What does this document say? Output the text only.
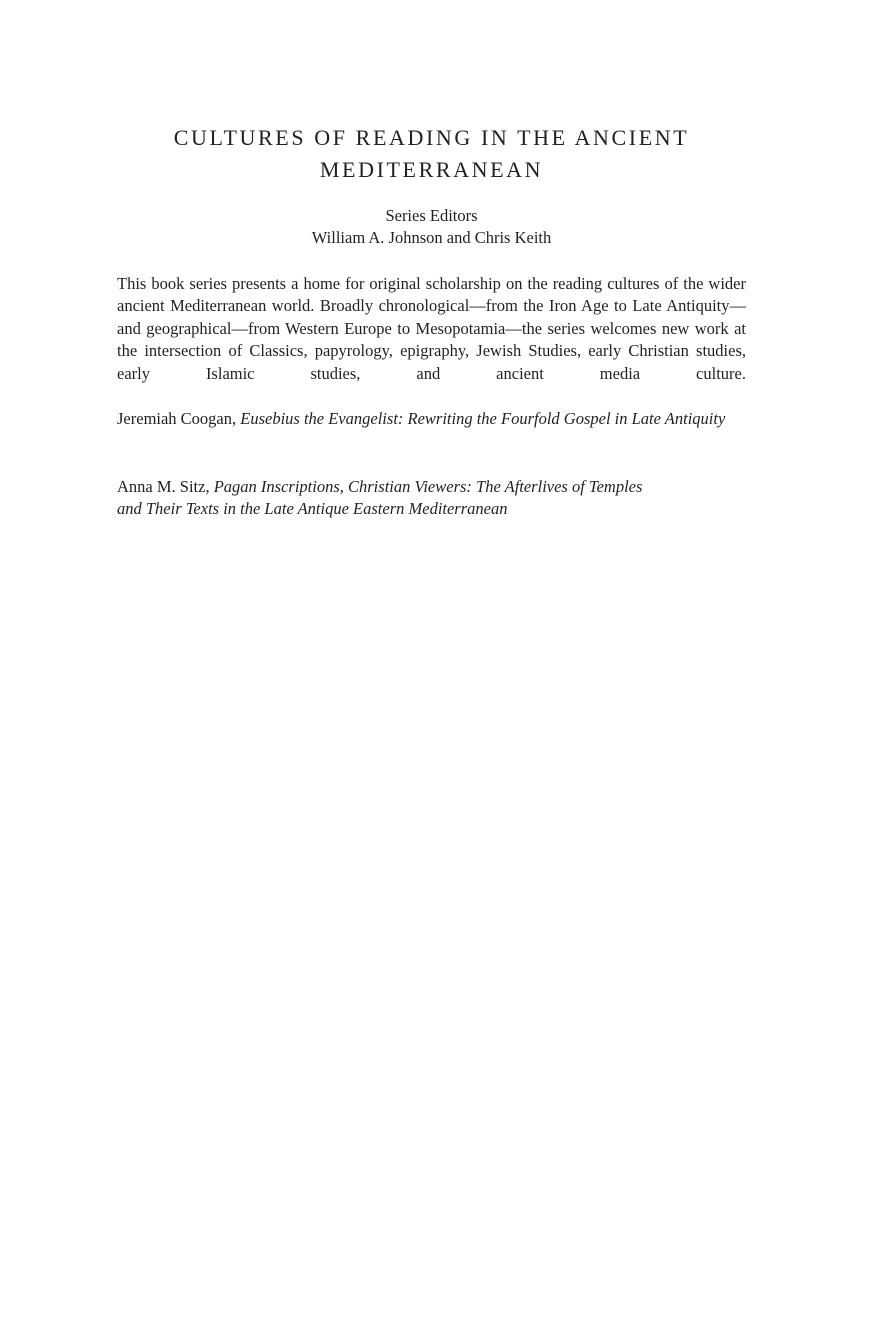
CULTURES OF READING IN THE ANCIENT
MEDITERRANEAN
Series Editors
William A. Johnson and Chris Keith

This book series presents a home for original scholarship on the reading cultures of the wider ancient Mediterranean world. Broadly chronological—from the Iron Age to Late Antiquity—and geographical—from Western Europe to Mesopotamia—the series welcomes new work at the intersection of Classics, papyrology, epigraphy, Jewish Studies, early Christian studies, early Islamic studies, and ancient media culture.

Jeremiah Coogan, Eusebius the Evangelist: Rewriting the Fourfold Gospel in Late Antiquity

Anna M. Sitz, Pagan Inscriptions, Christian Viewers: The Afterlives of Temples
and Their Texts in the Late Antique Eastern Mediterranean
